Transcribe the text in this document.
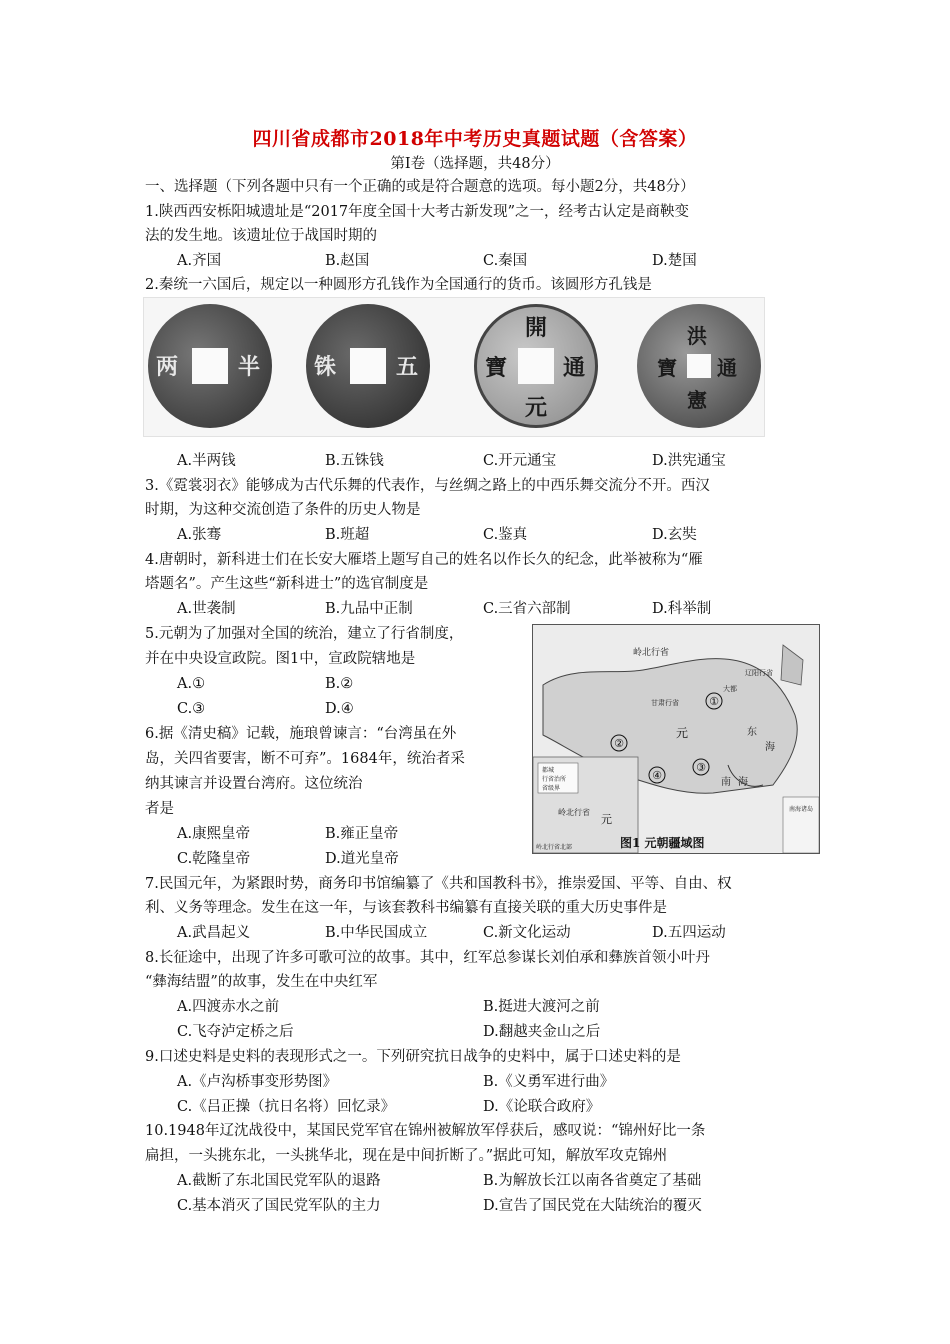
四川省成都市2018年中考历史真题试题（含答案）
第Ⅰ卷（选择题，共48分）
一、选择题（下列各题中只有一个正确的或是符合题意的选项。每小题2分，共48分）
1.陕西西安栎阳城遗址是“2017年度全国十大考古新发现”之一，经考古认定是商鞅变
法的发生地。该遗址位于战国时期的
A.齐国	B.赵国	C.秦国	D.楚国
2.秦统一六国后，规定以一种圆形方孔钱作为全国通行的货币。该圆形方孔钱是
两	半 铢	五
開
通
元
寶
洪
通
憲
寶
A.半两钱	B.五铢钱	C.开元通宝	D.洪宪通宝
3.《霓裳羽衣》能够成为古代乐舞的代表作，与丝绸之路上的中西乐舞交流分不开。西汉
时期，为这种交流创造了条件的历史人物是
A.张骞	B.班超	C.鉴真	D.玄奘
4.唐朝时，新科进士们在长安大雁塔上题写自己的姓名以作长久的纪念，此举被称为“雁
塔题名”。产生这些“新科进士”的选官制度是
A.世袭制	B.九品中正制	C.三省六部制	D.科举制
5.元朝为了加强对全国的统治，建立了行省制度，
并在中央设宣政院。图1中，宣政院辖地是
A.①	B.②
C.③	D.④
岭北行省
辽阳行省
甘肃行省
大都
元	东
海
南 海
都城
行省治所
省级界
岭北行省
元
南海诸岛
岭北行省北部
①
②
③
④
图1 元朝疆域图
6.据《清史稿》记载，施琅曾谏言：“台湾虽在外
岛，关四省要害，断不可弃”。1684年，统治者采
纳其谏言并设置台湾府。这位统治
者是
A.康熙皇帝	B.雍正皇帝
C.乾隆皇帝	D.道光皇帝
7.民国元年，为紧跟时势，商务印书馆编纂了《共和国教科书》，推崇爱国、平等、自由、权
利、义务等理念。发生在这一年，与该套教科书编纂有直接关联的重大历史事件是
A.武昌起义	B.中华民国成立	C.新文化运动	D.五四运动
8.长征途中，出现了许多可歌可泣的故事。其中，红军总参谋长刘伯承和彝族首领小叶丹
“彝海结盟”的故事，发生在中央红军
A.四渡赤水之前	B.挺进大渡河之前
C.飞夺泸定桥之后	D.翻越夹金山之后
9.口述史料是史料的表现形式之一。下列研究抗日战争的史料中，属于口述史料的是
A.《卢沟桥事变形势图》	B.《义勇军进行曲》
C.《吕正操（抗日名将）回忆录》	D.《论联合政府》
10.1948年辽沈战役中，某国民党军官在锦州被解放军俘获后，感叹说：“锦州好比一条
扁担，一头挑东北，一头挑华北，现在是中间折断了。”据此可知，解放军攻克锦州
A.截断了东北国民党军队的退路	B.为解放长江以南各省奠定了基础
C.基本消灭了国民党军队的主力	D.宣告了国民党在大陆统治的覆灭
